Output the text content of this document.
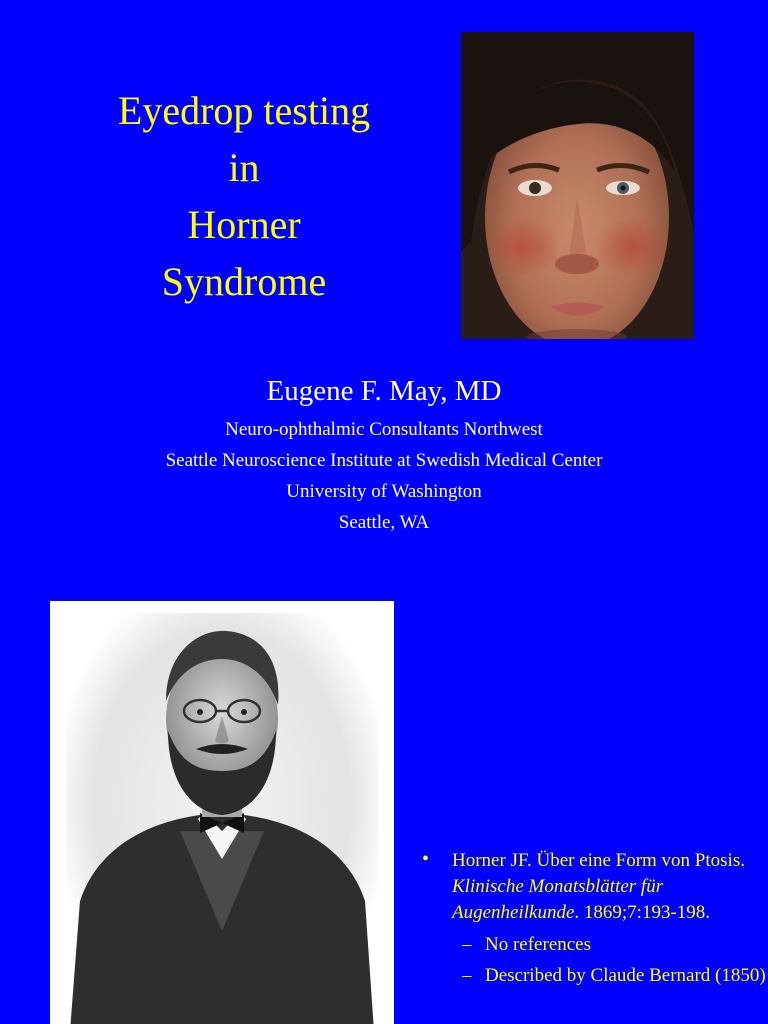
Eyedrop testing
in
Horner
Syndrome

Eugene F. May, MD

Neuro-ophthalmic Consultants Northwest

Seattle Neuroscience Institute at Swedish Medical Center

University of Washington

Seattle, WA

• Horner JF. Über eine Form von Ptosis. Klinische Monatsblätter für Augenheilkunde. 1869;7:193-198.
– No references
– Described by Claude Bernard (1850)
